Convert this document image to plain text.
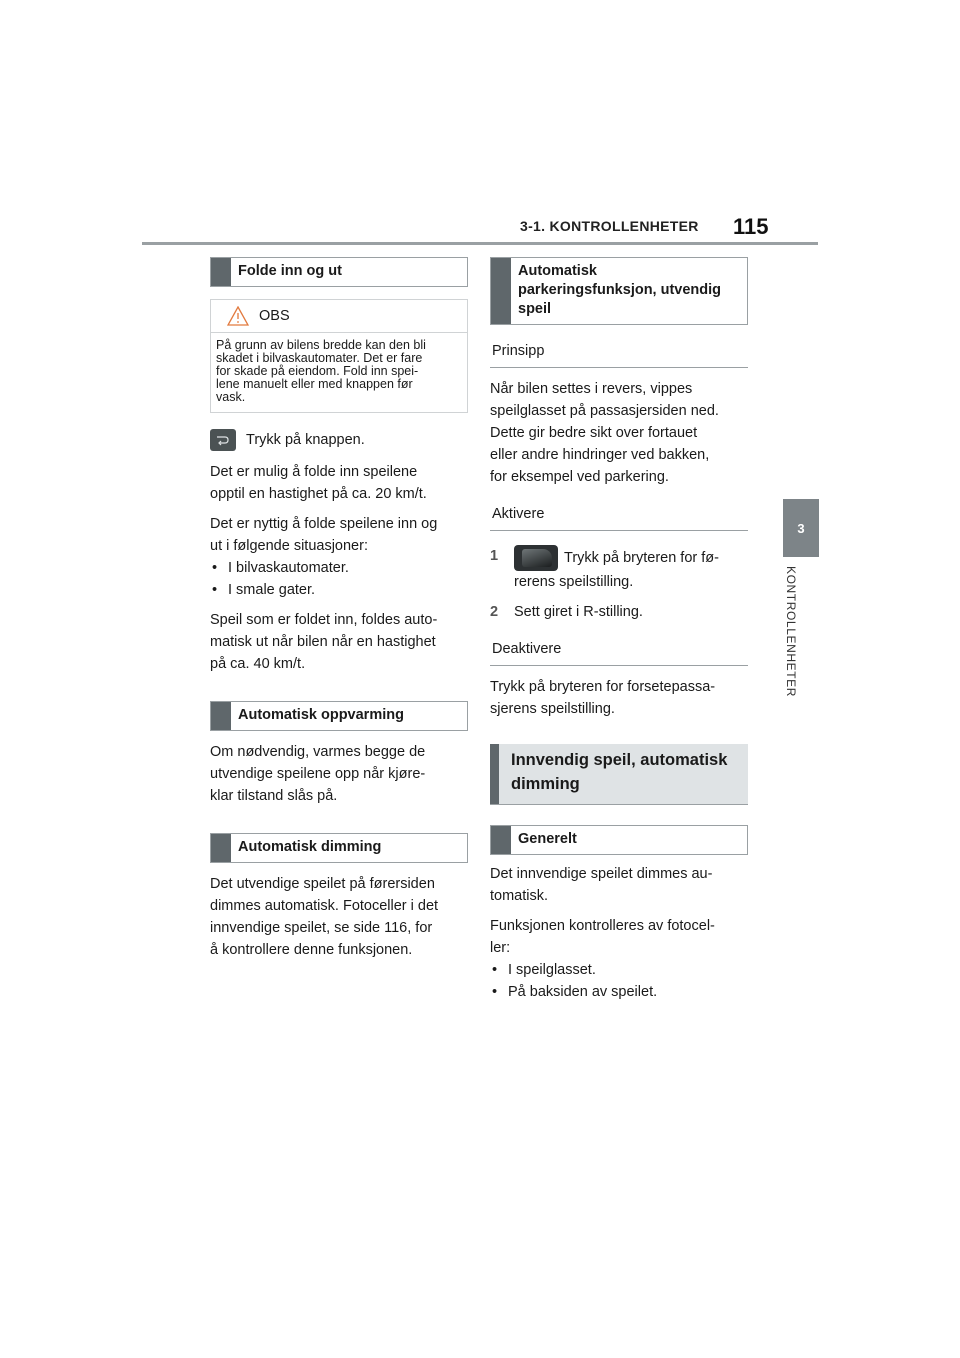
3-1. KONTROLLENHETER 115
3
KONTROLLENHETER
Folde inn og ut
OBS
På grunn av bilens bredde kan den bli
skadet i bilvaskautomater. Det er fare
for skade på eiendom. Fold inn spei-
lene manuelt eller med knappen før
vask.
Trykk på knappen.

Det er mulig å folde inn speilene
opptil en hastighet på ca. 20 km/t.

Det er nyttig å folde speilene inn og
ut i følgende situasjoner:

• I bilvaskautomater.
• I smale gater.

Speil som er foldet inn, foldes auto-
matisk ut når bilen når en hastighet
på ca. 40 km/t.

Automatisk oppvarming

Om nødvendig, varmes begge de
utvendige speilene opp når kjøre-
klar tilstand slås på.

Automatisk dimming

Det utvendige speilet på førersiden
dimmes automatisk. Fotoceller i det
innvendige speilet, se side 116, for
å kontrollere denne funksjonen.

Automatisk
parkeringsfunksjon, utvendig
speil
Prinsipp

Når bilen settes i revers, vippes
speilglasset på passasjersiden ned.
Dette gir bedre sikt over fortauet
eller andre hindringer ved bakken,
for eksempel ved parkering.

Aktivere
1	Trykk på bryteren for fø-
rerens speilstilling.
2	Sett giret i R-stilling.
Deaktivere

Trykk på bryteren for forsetepassa-
sjerens speilstilling.

Innvendig speil, automatisk
dimming
Generelt

Det innvendige speilet dimmes au-
tomatisk.

Funksjonen kontrolleres av fotocel-
ler:

• I speilglasset.
• På baksiden av speilet.
